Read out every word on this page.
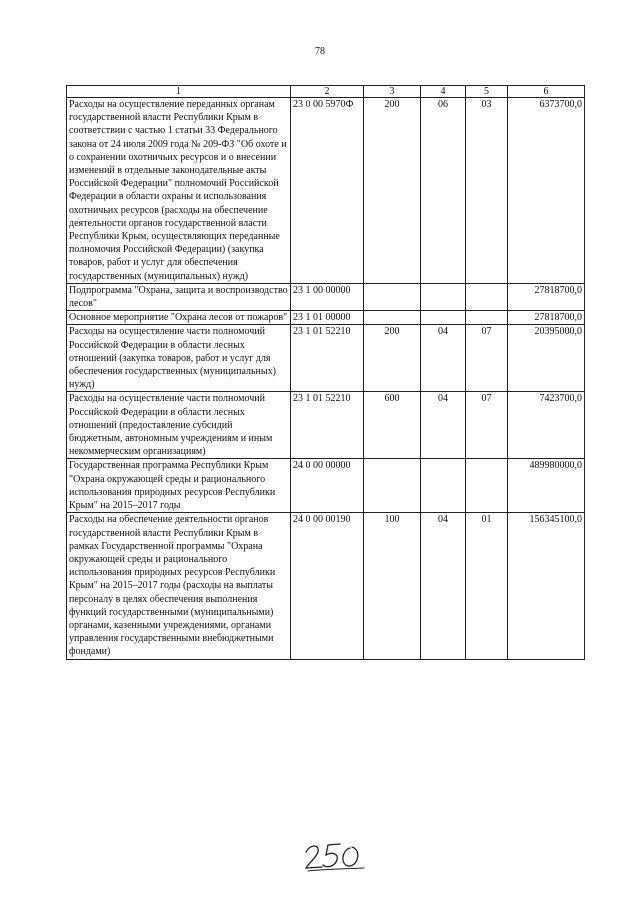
78
1	2	3	4	5	6
Расходы на осуществление переданных органам государственной власти Республики Крым в соответствии с частью 1 статьи 33 Федерального закона от 24 июля 2009 года № 209-ФЗ "Об охоте и о сохранении охотничьих ресурсов и о внесении изменений в отдельные законодательные акты Российской Федерации" полномочий Российской Федерации в области охраны и использования охотничьих ресурсов (расходы на обеспечение деятельности органов государственной власти Республики Крым, осуществляющих переданные полномочия Российской Федерации) (закупка товаров, работ и услуг для обеспечения государственных (муниципальных) нужд)	23 0 00 5970Ф	200	06	03	6373700,0
Подпрограмма "Охрана, защита и воспроизводство лесов"	23 1 00 00000				27818700,0
Основное мероприятие "Охрана лесов от пожаров"	23 1 01 00000				27818700,0
Расходы на осуществление части полномочий Российской Федерации в области лесных отношений (закупка товаров, работ и услуг для обеспечения государственных (муниципальных) нужд)	23 1 01 52210	200	04	07	20395000,0
Расходы на осуществление части полномочий Российской Федерации в области лесных отношений (предоставление субсидий бюджетным, автономным учреждениям и иным некоммерческим организациям)	23 1 01 52210	600	04	07	7423700,0
Государственная программа Республики Крым "Охрана окружающей среды и рационального использования природных ресурсов Республики Крым" на 2015–2017 годы	24 0 00 00000				489980000,0
Расходы на обеспечение деятельности органов государственной власти Республики Крым в рамках Государственной программы "Охрана окружающей среды и рационального использования природных ресурсов Республики Крым" на 2015–2017 годы (расходы на выплаты персоналу в целях обеспечения выполнения функций государственными (муниципальными) органами, казенными учреждениями, органами управления государственными внебюджетными фондами)	24 0 00 00190	100	04	01	156345100,0
